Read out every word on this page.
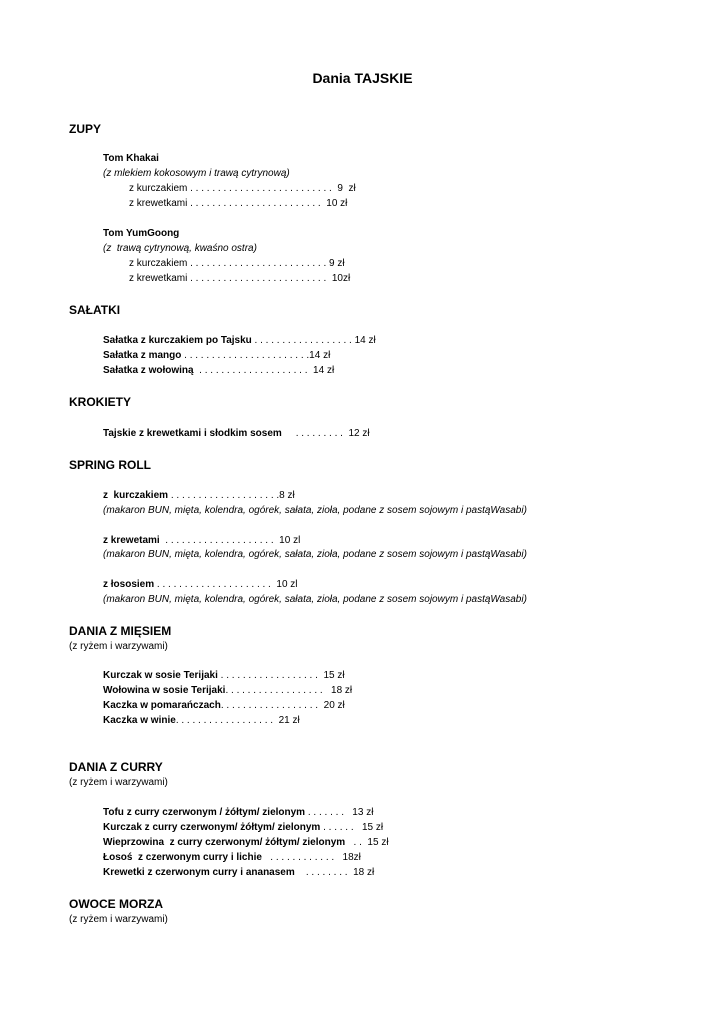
Dania TAJSKIE
ZUPY
Tom Khakai
(z mlekiem kokosowym i trawą cytrynową)
z kurczakiem . . . . . . . . . . . . . . . . . . . . . . . . . .  9  zł
z krewetkami . . . . . . . . . . . . . . . . . . . . . . . .  10 zł
Tom YumGoong
(z  trawą cytrynową, kwaśno ostra)
z kurczakiem . . . . . . . . . . . . . . . . . . . . . . . . . 9 zł
z krewetkami . . . . . . . . . . . . . . . . . . . . . . . . .  10zł
SAŁATKI
Sałatka z kurczakiem po Tajsku . . . . . . . . . . . . . . . . . . 14 zł
Sałatka z mango . . . . . . . . . . . . . . . . . . . . . . .14 zł
Sałatka z wołowiną  . . . . . . . . . . . . . . . . . . . .  14 zł
KROKIETY
Tajskie z krewetkami i słodkim sosem     . . . . . . . . .  12 zł
SPRING ROLL
z  kurczakiem . . . . . . . . . . . . . . . . . . . .8 zł
(makaron BUN, mięta, kolendra, ogórek, sałata, zioła, podane z sosem sojowym i pastąWasabi)
z krewetami  . . . . . . . . . . . . . . . . . . . .  10 zl
(makaron BUN, mięta, kolendra, ogórek, sałata, zioła, podane z sosem sojowym i pastąWasabi)
z łososiem . . . . . . . . . . . . . . . . . . . . .  10 zl
(makaron BUN, mięta, kolendra, ogórek, sałata, zioła, podane z sosem sojowym i pastąWasabi)
DANIA Z MIĘSIEM
(z ryżem i warzywami)
Kurczak w sosie Terijaki . . . . . . . . . . . . . . . . . .  15 zł
Wołowina w sosie Terijaki. . . . . . . . . . . . . . . . . .   18 zł
Kaczka w pomarańczach. . . . . . . . . . . . . . . . . .  20 zł
Kaczka w winie. . . . . . . . . . . . . . . . . .  21 zł
DANIA Z CURRY
(z ryżem i warzywami)
Tofu z curry czerwonym / żółtym/ zielonym . . . . . . .   13 zł
Kurczak z curry czerwonym/ żółtym/ zielonym . . . . . .   15 zł
Wieprzowina  z curry czerwonym/ żółtym/ zielonym   . .  15 zł
Łosoś  z czerwonym curry i lichie   . . . . . . . . . . . .   18zł
Krewetki z czerwonym curry i ananasem    . . . . . . . .  18 zł
OWOCE MORZA
(z ryżem i warzywami)
